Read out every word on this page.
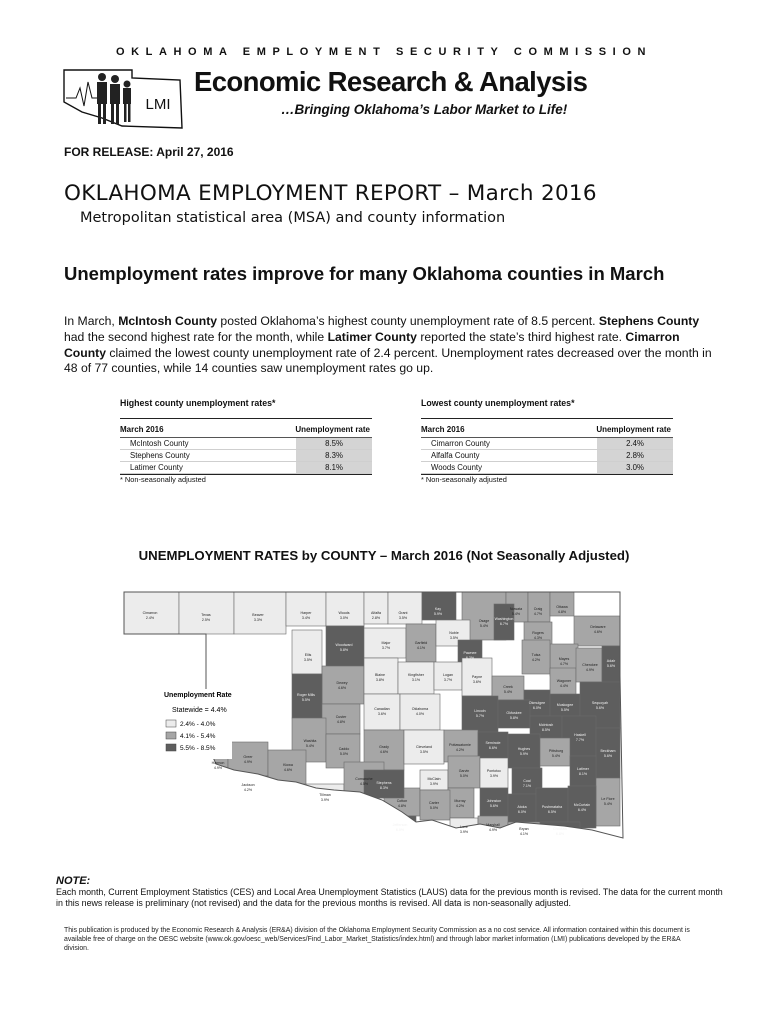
OKLAHOMA EMPLOYMENT SECURITY COMMISSION
LMI
Economic Research & Analysis
…Bringing Oklahoma’s Labor Market to Life!
FOR RELEASE: April 27, 2016
OKLAHOMA EMPLOYMENT REPORT – March 2016
Metropolitan statistical area (MSA) and county information
Unemployment rates improve for many Oklahoma counties in March
In March, McIntosh County posted Oklahoma’s highest county unemployment rate of 8.5 percent. Stephens County had the second highest rate for the month, while Latimer County reported the state’s third highest rate. Cimarron County claimed the lowest county unemployment rate of 2.4 percent. Unemployment rates decreased over the month in 48 of 77 counties, while 14 counties saw unemployment rates go up.
Highest county unemployment rates*
March 2016	Unemployment rate
McIntosh County	8.5%
Stephens County	8.3%
Latimer County	8.1%
* Non-seasonally adjusted
Lowest county unemployment rates*
March 2016	Unemployment rate
Cimarron County	2.4%
Alfalfa County	2.8%
Woods County	3.0%
* Non-seasonally adjusted
UNEMPLOYMENT RATES by COUNTY – March 2016 (Not Seasonally Adjusted)
Cimarron
2.4%
Texas
2.5%
Beaver
3.3%
Harper
3.4%
Woods
3.0%
Alfalfa
2.8%
Grant
3.5%
Kay
5.9%
Osage
5.4%
Nowata
5.4%
Craig
4.7%
Ottawa
4.8%
Washington
6.7%
Rogers
4.3%
Delaware
4.6%
Mayes
4.7%
Ellis
3.5%
Woodward
5.8%
Major
3.7%
Garfield
4.1%
Noble
3.5%
Pawnee
6.3%
Tulsa
4.2%
Wagoner
4.4%
Cherokee
4.9%
Adair
5.6%
Dewey
4.6%
Blaine
3.8%
Kingfisher
3.1%
Logan
3.7%
Payne
3.6%
Creek
5.4%
Okmulgee
6.0%
Muskogee
5.5%
Sequoyah
5.6%
Roger Mills
5.5%
Custer
4.8%
Canadian
3.6%
Oklahoma
4.0%
Lincoln
5.7%
Okfuskee
5.8%
McIntosh
8.5%
Haskell
7.7%
Beckham
5.6%
Washita
5.4%
Caddo
5.0%
Grady
4.6%
Cleveland
3.5%
Pottawatomie
4.2%
Seminole
6.6%	Hughes
5.9%
Pittsburg
5.4%
Latimer
8.1%
Le Flore
5.4%
Harmon
4.9%
Greer
4.9%
Kiowa
4.6%
Jackson
4.2%
Tillman
3.9%
Comanche
4.5%
Cotton
4.8%
McClain
3.9%
Garvin
5.0%
Pontotoc
3.9%
Coal
7.1%
Stephens
8.3%
Murray
4.2%
Johnston
5.6%	Atoka
6.0%
Pushmataha
6.5%
McCurtain
6.4%
Carter
5.0%
Jefferson
6.0%
Love
3.9%
Marshall
4.9%	Bryan
4.1%
Choctaw
6.8%
Unemployment Rate
Statewide = 4.4%
2.4% - 4.0%
4.1% - 5.4%
5.5% - 8.5%
NOTE:
Each month, Current Employment Statistics (CES) and Local Area Unemployment Statistics (LAUS) data for the previous month is revised. The data for the current month in this news release is preliminary (not revised) and the data for the previous months is revised. All data is non-seasonally adjusted.
This publication is produced by the Economic Research & Analysis (ER&A) division of the Oklahoma Employment Security Commission as a no cost service. All information contained within this document is available free of charge on the OESC website (www.ok.gov/oesc_web/Services/Find_Labor_Market_Statistics/index.html) and through labor market information (LMI) publications developed by the ER&A division.
